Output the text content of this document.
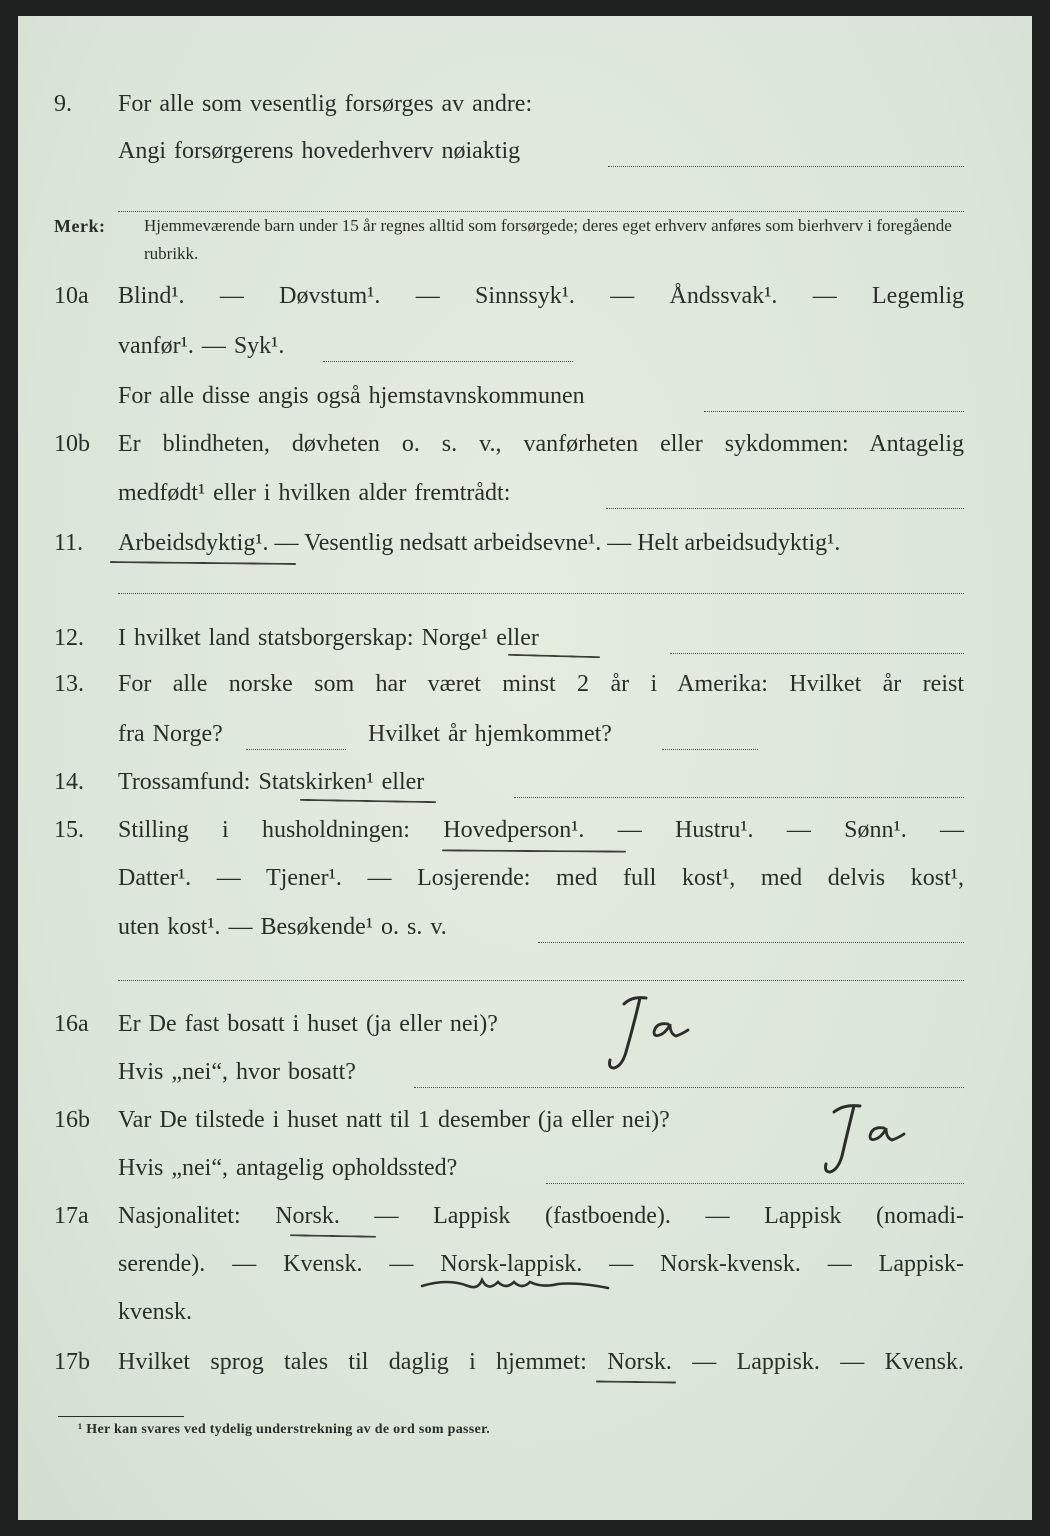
9. For alle som vesentlig forsørges av andre:
Angi forsørgerens hovederhverv nøiaktig
Merk: Hjemmeværende barn under 15 år regnes alltid som forsørgede; deres eget erhverv anføres som bierhverv i foregående rubrikk.
10a Blind¹. — Døvstum¹. — Sinnssyk¹. — Åndssvak¹. — Legemlig
vanfør¹. — Syk¹.
For alle disse angis også hjemstavnskommunen
10b Er blindheten, døvheten o. s. v., vanførheten eller sykdommen: Antagelig
medfødt¹ eller i hvilken alder fremtrådt:
11. Arbeidsdyktig¹. — Vesentlig nedsatt arbeidsevne¹. — Helt arbeidsudyktig¹.
12. I hvilket land statsborgerskap: Norge¹ eller
13. For alle norske som har været minst 2 år i Amerika: Hvilket år reist
fra Norge?	Hvilket år hjemkommet?
14. Trossamfund: Statskirken¹ eller
15. Stilling i husholdningen: Hovedperson¹. — Hustru¹. — Sønn¹. —
Datter¹. — Tjener¹. — Losjerende: med full kost¹, med delvis kost¹,
uten kost¹. — Besøkende¹ o. s. v.
16a Er De fast bosatt i huset (ja eller nei)?
Hvis „nei“, hvor bosatt?
16b Var De tilstede i huset natt til 1 desember (ja eller nei)?
Hvis „nei“, antagelig opholdssted?
17a Nasjonalitet: Norsk. — Lappisk (fastboende). — Lappisk (nomadi-
serende). — Kvensk. — Norsk-lappisk. — Norsk-kvensk. — Lappisk-
kvensk.
17b Hvilket sprog tales til daglig i hjemmet: Norsk. — Lappisk. — Kvensk.
¹ Her kan svares ved tydelig understrekning av de ord som passer.
